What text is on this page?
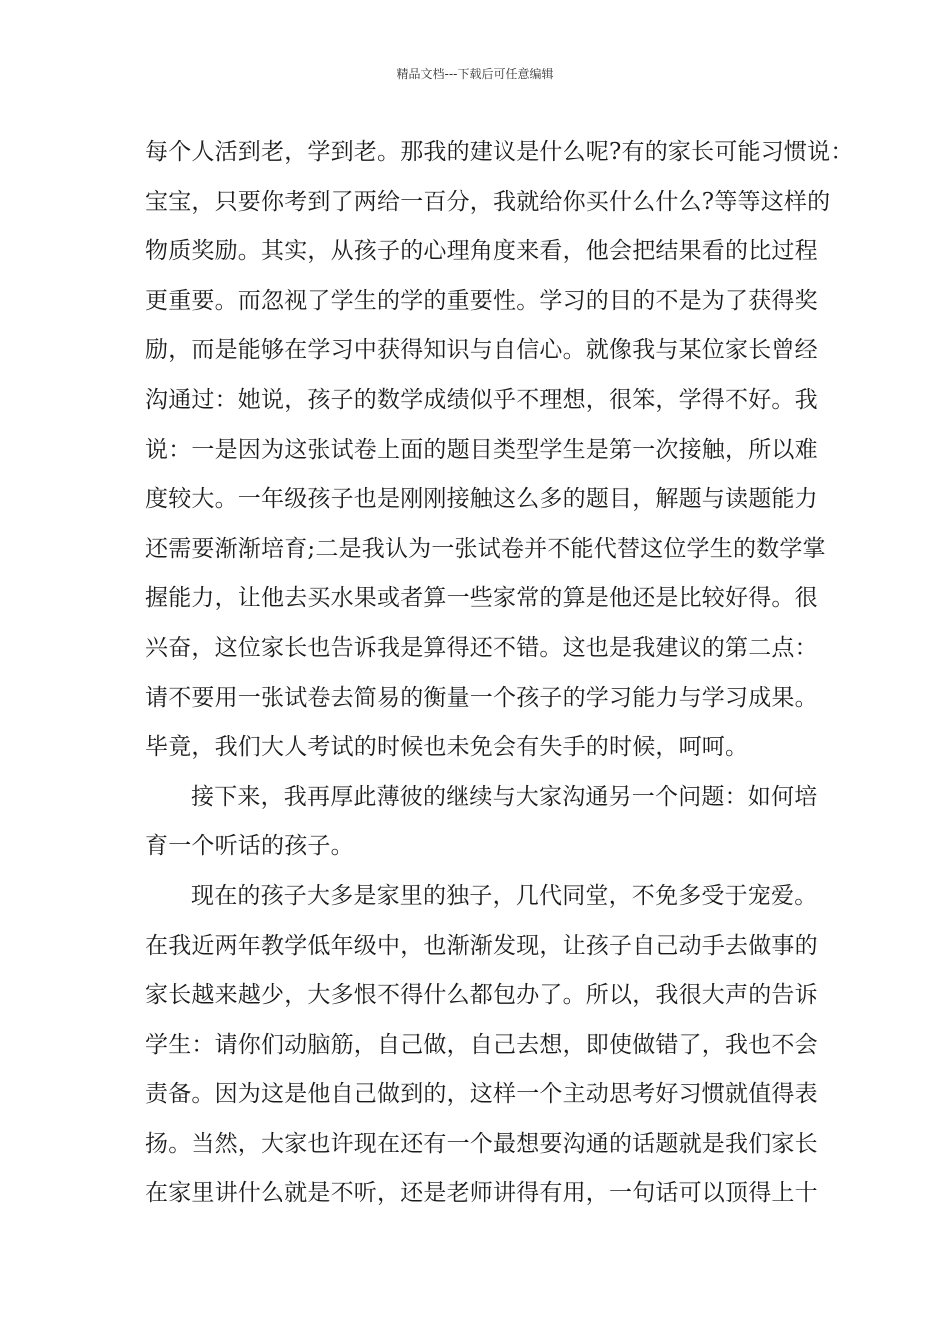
精品文档---下载后可任意编辑
每个人活到老，学到老。那我的建议是什么呢?有的家长可能习惯说：
宝宝，只要你考到了两给一百分，我就给你买什么什么?等等这样的
物质奖励。其实，从孩子的心理角度来看，他会把结果看的比过程
更重要。而忽视了学生的学的重要性。学习的目的不是为了获得奖
励，而是能够在学习中获得知识与自信心。就像我与某位家长曾经
沟通过：她说，孩子的数学成绩似乎不理想，很笨，学得不好。我
说：一是因为这张试卷上面的题目类型学生是第一次接触，所以难
度较大。一年级孩子也是刚刚接触这么多的题目，解题与读题能力
还需要渐渐培育;二是我认为一张试卷并不能代替这位学生的数学掌
握能力，让他去买水果或者算一些家常的算是他还是比较好得。很
兴奋，这位家长也告诉我是算得还不错。这也是我建议的第二点：
请不要用一张试卷去简易的衡量一个孩子的学习能力与学习成果。
毕竟，我们大人考试的时候也未免会有失手的时候，呵呵。
接下来，我再厚此薄彼的继续与大家沟通另一个问题：如何培
育一个听话的孩子。
现在的孩子大多是家里的独子，几代同堂，不免多受于宠爱。
在我近两年教学低年级中，也渐渐发现，让孩子自己动手去做事的
家长越来越少，大多恨不得什么都包办了。所以，我很大声的告诉
学生：请你们动脑筋，自己做，自己去想，即使做错了，我也不会
责备。因为这是他自己做到的，这样一个主动思考好习惯就值得表
扬。当然，大家也许现在还有一个最想要沟通的话题就是我们家长
在家里讲什么就是不听，还是老师讲得有用，一句话可以顶得上十
